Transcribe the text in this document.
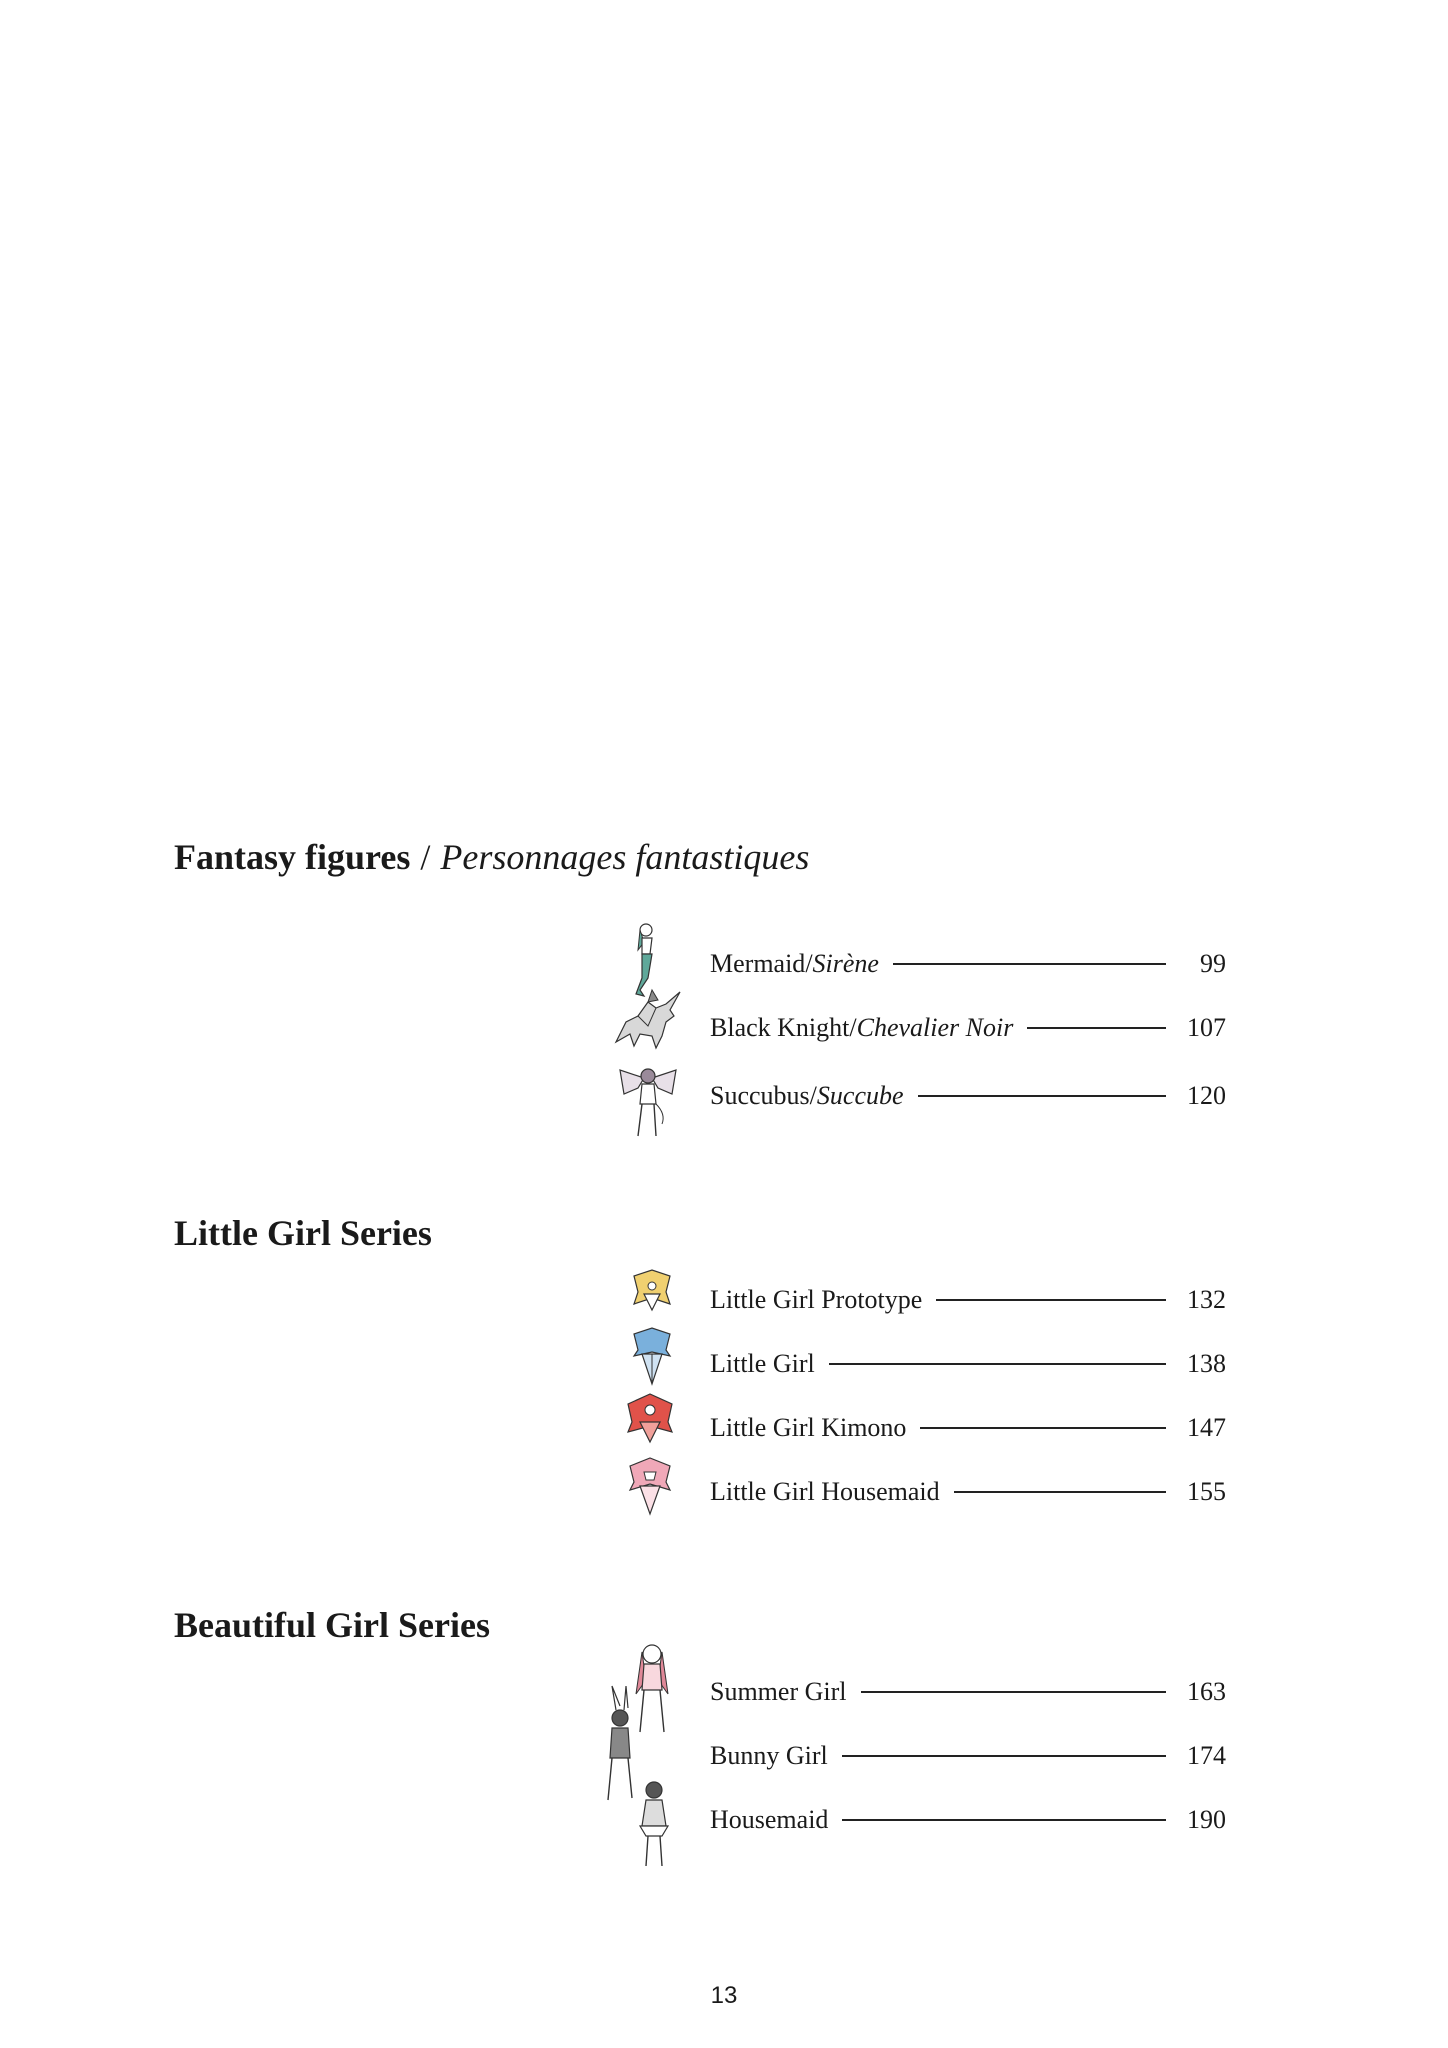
Fantasy figures / Personnages fantastiques
Mermaid/Sirène	99
Black Knight/Chevalier Noir	107
Succubus/Succube	120
Little Girl Series
Little Girl Prototype	132
Little Girl	138
Little Girl Kimono	147
Little Girl Housemaid	155
Beautiful Girl Series
Summer Girl	163
Bunny Girl	174
Housemaid	190

13
